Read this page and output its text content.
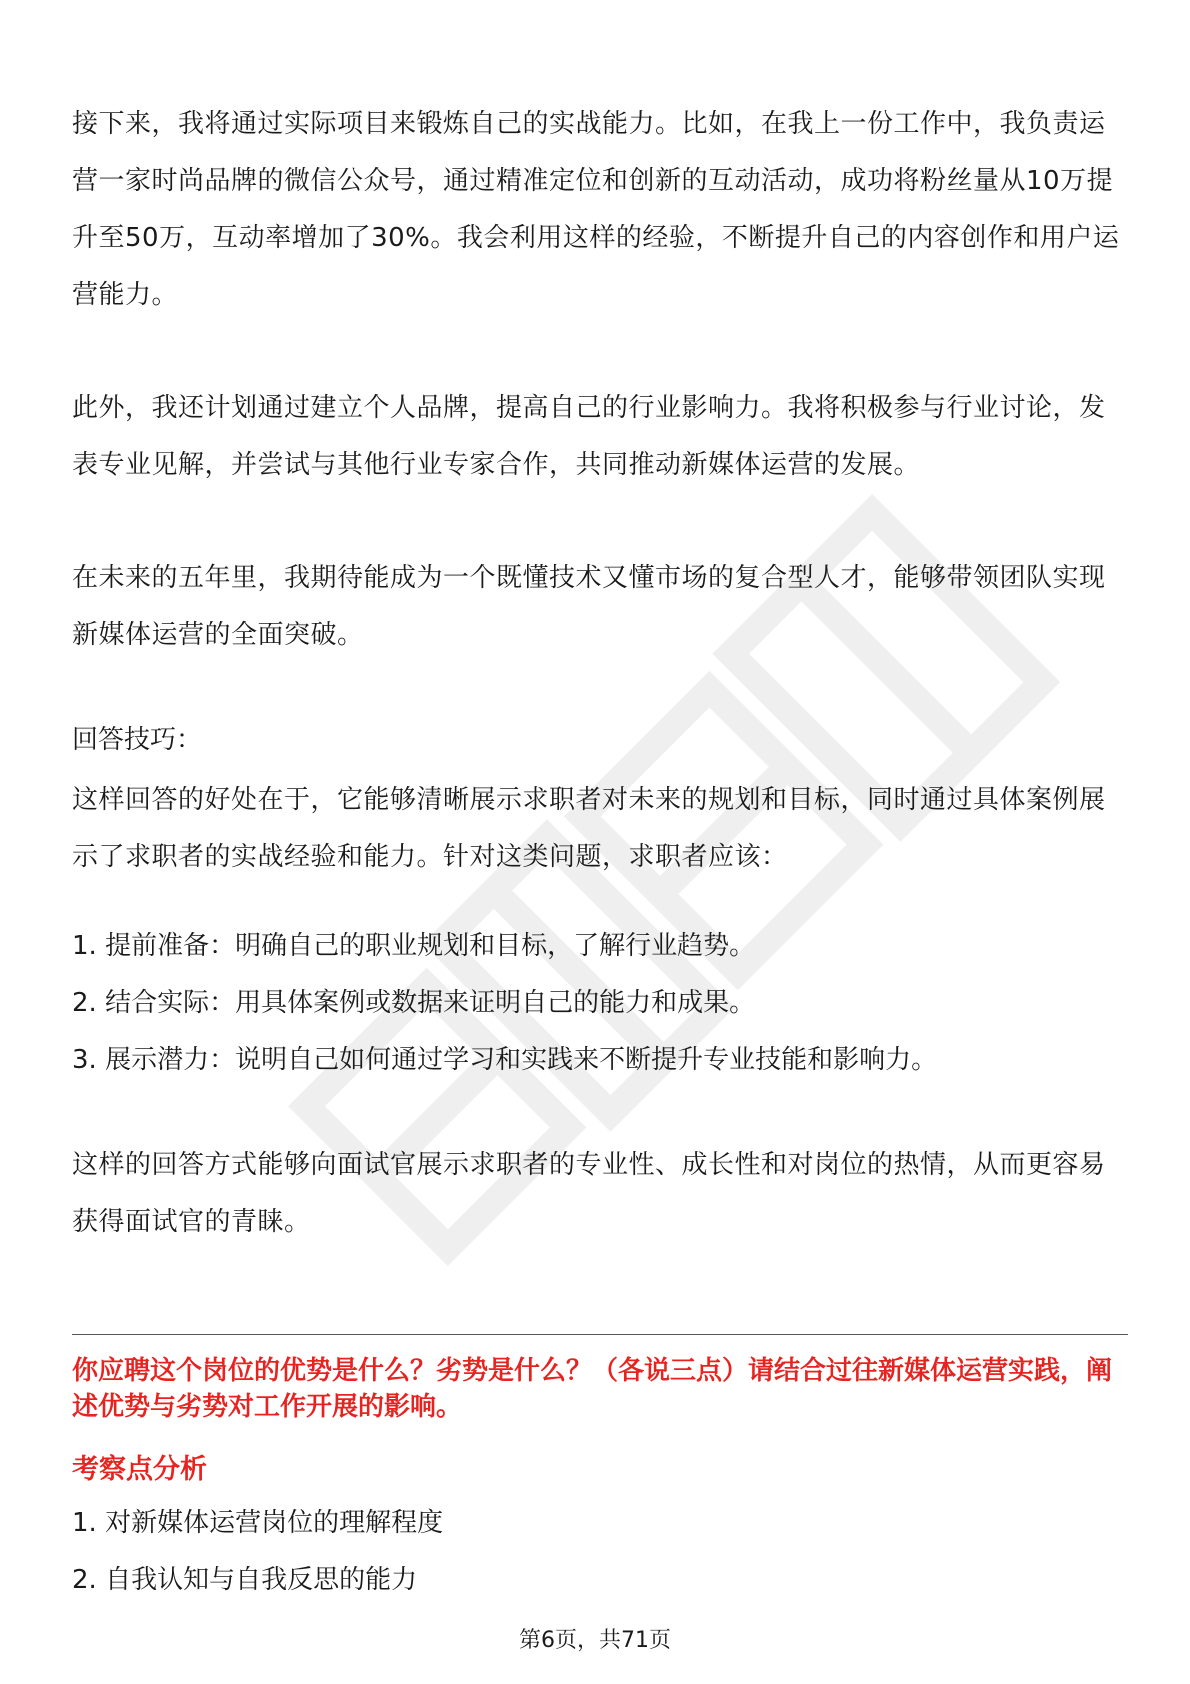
接下来，我将通过实际项目来锻炼自己的实战能力。比如，在我上一份工作中，我负责运营一家时尚品牌的微信公众号，通过精准定位和创新的互动活动，成功将粉丝量从10万提升至50万，互动率增加了30%。我会利用这样的经验，不断提升自己的内容创作和用户运营能力。

此外，我还计划通过建立个人品牌，提高自己的行业影响力。我将积极参与行业讨论，发表专业见解，并尝试与其他行业专家合作，共同推动新媒体运营的发展。

在未来的五年里，我期待能成为一个既懂技术又懂市场的复合型人才，能够带领团队实现新媒体运营的全面突破。

回答技巧：

这样回答的好处在于，它能够清晰展示求职者对未来的规划和目标，同时通过具体案例展示了求职者的实战经验和能力。针对这类问题，求职者应该：

1. 提前准备：明确自己的职业规划和目标，了解行业趋势。

2. 结合实际：用具体案例或数据来证明自己的能力和成果。

3. 展示潜力：说明自己如何通过学习和实践来不断提升专业技能和影响力。

这样的回答方式能够向面试官展示求职者的专业性、成长性和对岗位的热情，从而更容易获得面试官的青睐。

你应聘这个岗位的优势是什么？劣势是什么？（各说三点）请结合过往新媒体运营实践，阐述优势与劣势对工作开展的影响。

考察点分析

1. 对新媒体运营岗位的理解程度

2. 自我认知与自我反思的能力

第6页，共71页
